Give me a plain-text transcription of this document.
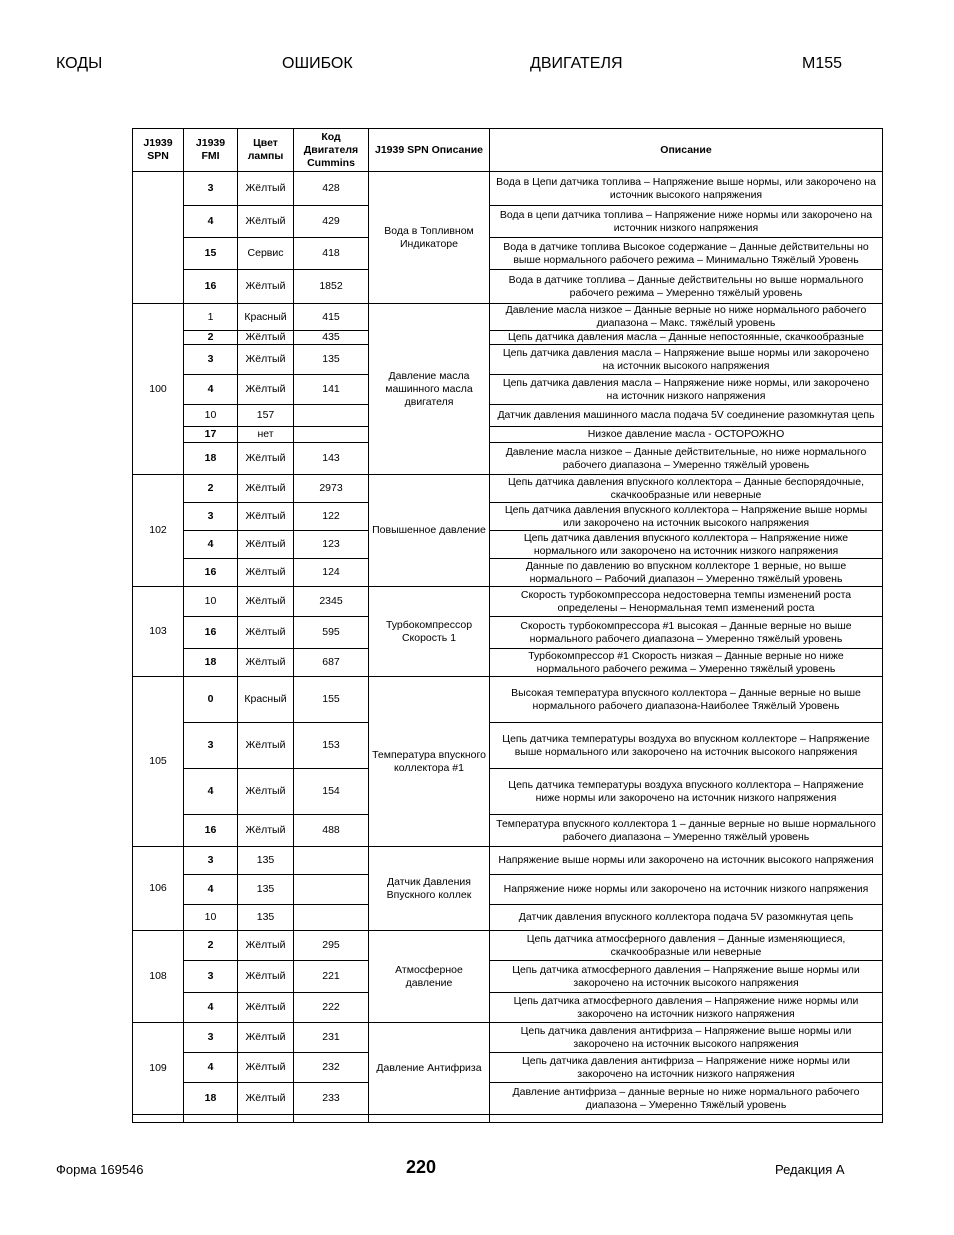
КОДЫ	ОШИБОК	ДВИГАТЕЛЯ	M155
J1939 SPN	J1939 FMI	Цвет лампы	Код Двигателя Cummins	J1939 SPN Описание	Описание
	3	Жёлтый	428	Вода в Топливном Индикаторе	Вода в Цепи датчика топлива – Напряжение выше нормы, или закорочено на источник высокого напряжения
	4	Жёлтый	429		Вода в цепи датчика топлива – Напряжение ниже нормы или закорочено на источник низкого напряжения
	15	Сервис	418		Вода в датчике топлива Высокое содержание – Данные действительны но выше нормального рабочего режима – Минимально Тяжёлый Уровень
	16	Жёлтый	1852		Вода в датчике топлива – Данные действительны но выше нормального рабочего режима – Умеренно тяжёлый уровень
100	1	Красный	415	Давление масла машинного масла двигателя	Давление масла низкое – Данные верные но ниже нормального рабочего диапазона – Макс. тяжёлый уровень
	2	Жёлтый	435		Цепь датчика давления масла – Данные непостоянные, скачкообразные
	3	Жёлтый	135		Цепь датчика давления масла – Напряжение выше нормы или закорочено на источник высокого напряжения
	4	Жёлтый	141		Цепь датчика давления масла – Напряжение ниже нормы, или закорочено на источник низкого напряжения
	10	157			Датчик давления машинного масла подача 5V соединение разомкнутая цепь
	17	нет			Низкое давление масла - ОСТОРОЖНО
	18	Жёлтый	143		Давление масла низкое – Данные действительные, но ниже нормального рабочего диапазона – Умеренно тяжёлый уровень
102	2	Жёлтый	2973	Повышенное давление	Цепь датчика давления впускного коллектора – Данные беспорядочные, скачкообразные или неверные
	3	Жёлтый	122		Цепь датчика давления впускного коллектора – Напряжение выше нормы или закорочено на источник высокого напряжения
	4	Жёлтый	123		Цепь датчика давления впускного коллектора – Напряжение ниже нормального или закорочено на источник низкого напряжения
	16	Жёлтый	124		Данные по давлению во впускном коллекторе 1 верные, но выше нормального – Рабочий диапазон – Умеренно тяжёлый уровень
103	10	Жёлтый	2345	Турбокомпрессор Скорость 1	Скорость турбокомпрессора недостоверна темпы изменений роста определены – Ненормальная темп изменений роста
	16	Жёлтый	595		Скорость турбокомпрессора #1 высокая – Данные верные но выше нормального рабочего диапазона – Умеренно тяжёлый уровень
	18	Жёлтый	687		Турбокомпрессор #1 Скорость низкая – Данные верные но ниже нормального рабочего режима – Умеренно тяжёлый уровень
105	0	Красный	155	Температура впускного коллектора #1	Высокая температура впускного коллектора – Данные верные но выше нормального рабочего диапазона-Наиболее Тяжёлый Уровень
	3	Жёлтый	153		Цепь датчика температуры воздуха во впускном коллекторе – Напряжение выше нормального или закорочено на источник высокого напряжения
	4	Жёлтый	154		Цепь датчика температуры воздуха впускного коллектора – Напряжение ниже нормы или закорочено на источник низкого напряжения
	16	Жёлтый	488		Температура впускного коллектора 1 – данные верные но выше нормального рабочего диапазона – Умеренно тяжёлый уровень
106	3	135		Датчик Давления Впускного коллек	Напряжение выше нормы или закорочено на источник высокого напряжения
	4	135			Напряжение ниже нормы или закорочено на источник низкого напряжения
	10	135			Датчик давления впускного коллектора подача 5V разомкнутая цепь
108	2	Жёлтый	295	Атмосферное давление	Цепь датчика атмосферного давления – Данные изменяющиеся, скачкообразные или неверные
	3	Жёлтый	221		Цепь датчика атмосферного давления – Напряжение выше нормы или закорочено на источник высокого напряжения
	4	Жёлтый	222		Цепь датчика атмосферного давления – Напряжение ниже нормы или закорочено на источник низкого напряжения
109	3	Жёлтый	231	Давление Антифриза	Цепь датчика давления антифриза – Напряжение выше нормы или закорочено на источник высокого напряжения
	4	Жёлтый	232		Цепь датчика давления антифриза – Напряжение ниже нормы или закорочено на источник низкого напряжения
	18	Жёлтый	233		Давление антифриза – данные верные но ниже нормального рабочего диапазона – Умеренно Тяжёлый уровень

Форма 169546	220	Редакция A
